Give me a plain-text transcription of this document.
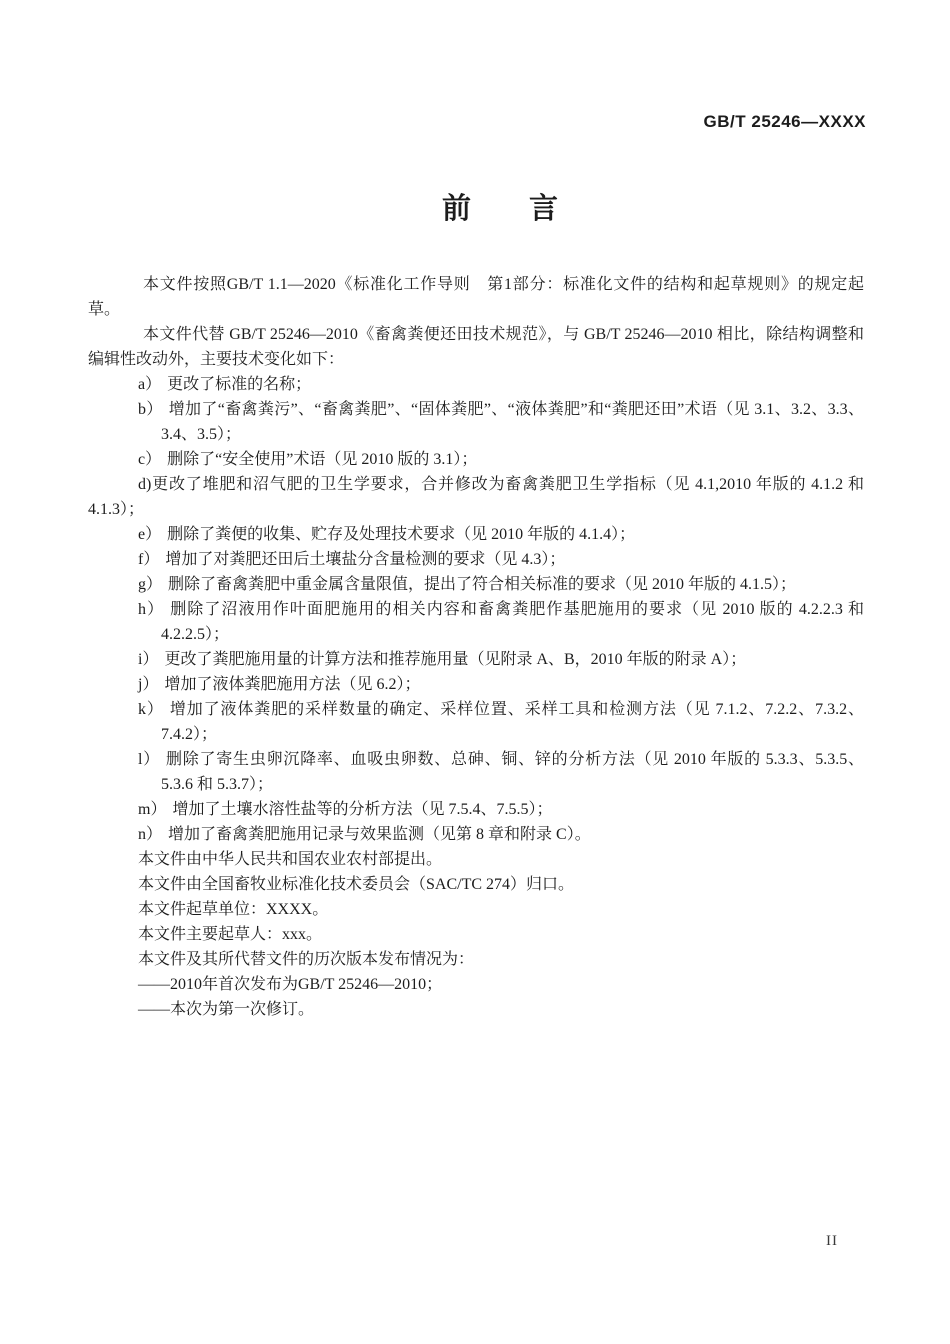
GB/T 25246—XXXX
前　　言

本文件按照GB/T 1.1—2020《标准化工作导则　第1部分：标准化文件的结构和起草规则》的规定起草。

本文件代替 GB/T 25246—2010《畜禽粪便还田技术规范》，与 GB/T 25246—2010 相比，除结构调整和编辑性改动外，主要技术变化如下：

a） 更改了标准的名称；
b） 增加了“畜禽粪污”、“畜禽粪肥”、“固体粪肥”、“液体粪肥”和“粪肥还田”术语（见 3.1、3.2、3.3、3.4、3.5）；
c） 删除了“安全使用”术语（见 2010 版的 3.1）；
d)更改了堆肥和沼气肥的卫生学要求，合并修改为畜禽粪肥卫生学指标（见 4.1,2010 年版的 4.1.2 和 4.1.3）；
e） 删除了粪便的收集、贮存及处理技术要求（见 2010 年版的 4.1.4）；
f） 增加了对粪肥还田后土壤盐分含量检测的要求（见 4.3）；
g） 删除了畜禽粪肥中重金属含量限值，提出了符合相关标准的要求（见 2010 年版的 4.1.5）；
h） 删除了沼液用作叶面肥施用的相关内容和畜禽粪肥作基肥施用的要求（见 2010 版的 4.2.2.3 和 4.2.2.5）；
i） 更改了粪肥施用量的计算方法和推荐施用量（见附录 A、B，2010 年版的附录 A）；
j） 增加了液体粪肥施用方法（见 6.2）；
k） 增加了液体粪肥的采样数量的确定、采样位置、采样工具和检测方法（见 7.1.2、7.2.2、7.3.2、7.4.2）；
l） 删除了寄生虫卵沉降率、血吸虫卵数、总砷、铜、锌的分析方法（见 2010 年版的 5.3.3、5.3.5、5.3.6 和 5.3.7）；
m） 增加了土壤水溶性盐等的分析方法（见 7.5.4、7.5.5）；
n） 增加了畜禽粪肥施用记录与效果监测（见第 8 章和附录 C）。

本文件由中华人民共和国农业农村部提出。

本文件由全国畜牧业标准化技术委员会（SAC/TC 274）归口。

本文件起草单位：XXXX。

本文件主要起草人：xxx。

本文件及其所代替文件的历次版本发布情况为：

——2010年首次发布为GB/T 25246—2010；

——本次为第一次修订。

II
